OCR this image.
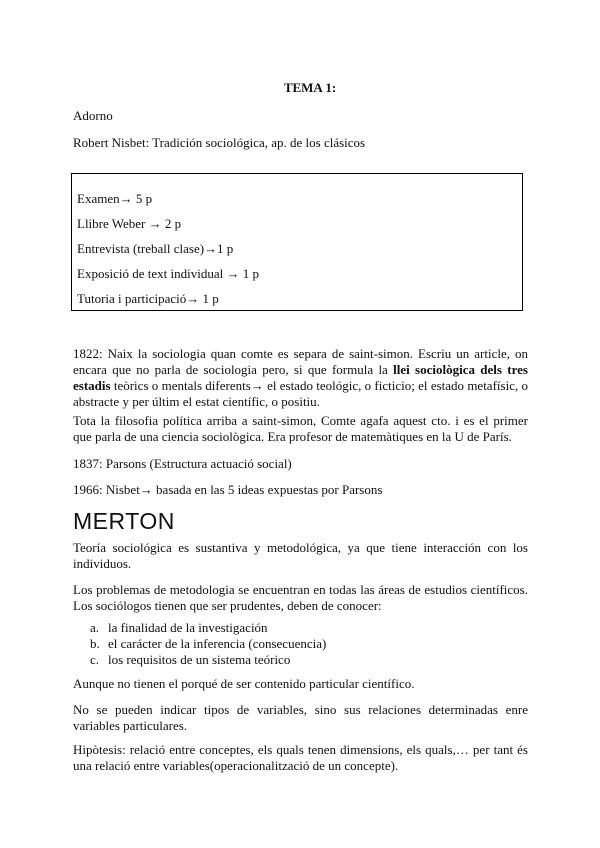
TEMA 1:
Adorno
Robert Nisbet: Tradición sociológica, ap. de los clásicos
Examen→ 5 p
Llibre Weber → 2 p
Entrevista (treball clase)→1 p
Exposició de text individual → 1 p
Tutoria i participació→ 1 p
1822: Naix la sociologia quan comte es separa de saint-simon. Escriu un article, on encara que no parla de sociologia pero, si que formula la llei sociològica dels tres estadis teòrics o mentals diferents→ el estado teológic, o ficticio; el estado metafísic, o abstracte y per últim el estat científic, o positiu.
Tota la filosofia política arriba a saint-simon, Comte agafa aquest cto. i es el primer que parla de una ciencia sociològica. Era profesor de matemàtiques en la U de París.
1837: Parsons (Estructura actuació social)
1966: Nisbet→ basada en las 5 ideas expuestas por Parsons
MERTON
Teoría sociológica es sustantiva y metodológica, ya que tiene interacción con los individuos.
Los problemas de metodologia se encuentran en todas las áreas de estudios científicos. Los sociólogos tienen que ser prudentes, deben de conocer:
a. la finalidad de la investigación
b. el carácter de la inferencia (consecuencia)
c. los requisitos de un sistema teórico
Aunque no tienen el porqué de ser contenido particular científico.
No se pueden indicar tipos de variables, sino sus relaciones determinadas enre variables particulares.
Hipòtesis: relació entre conceptes, els quals tenen dimensions, els quals,… per tant és una relació entre variables(operacionalització de un concepte).
